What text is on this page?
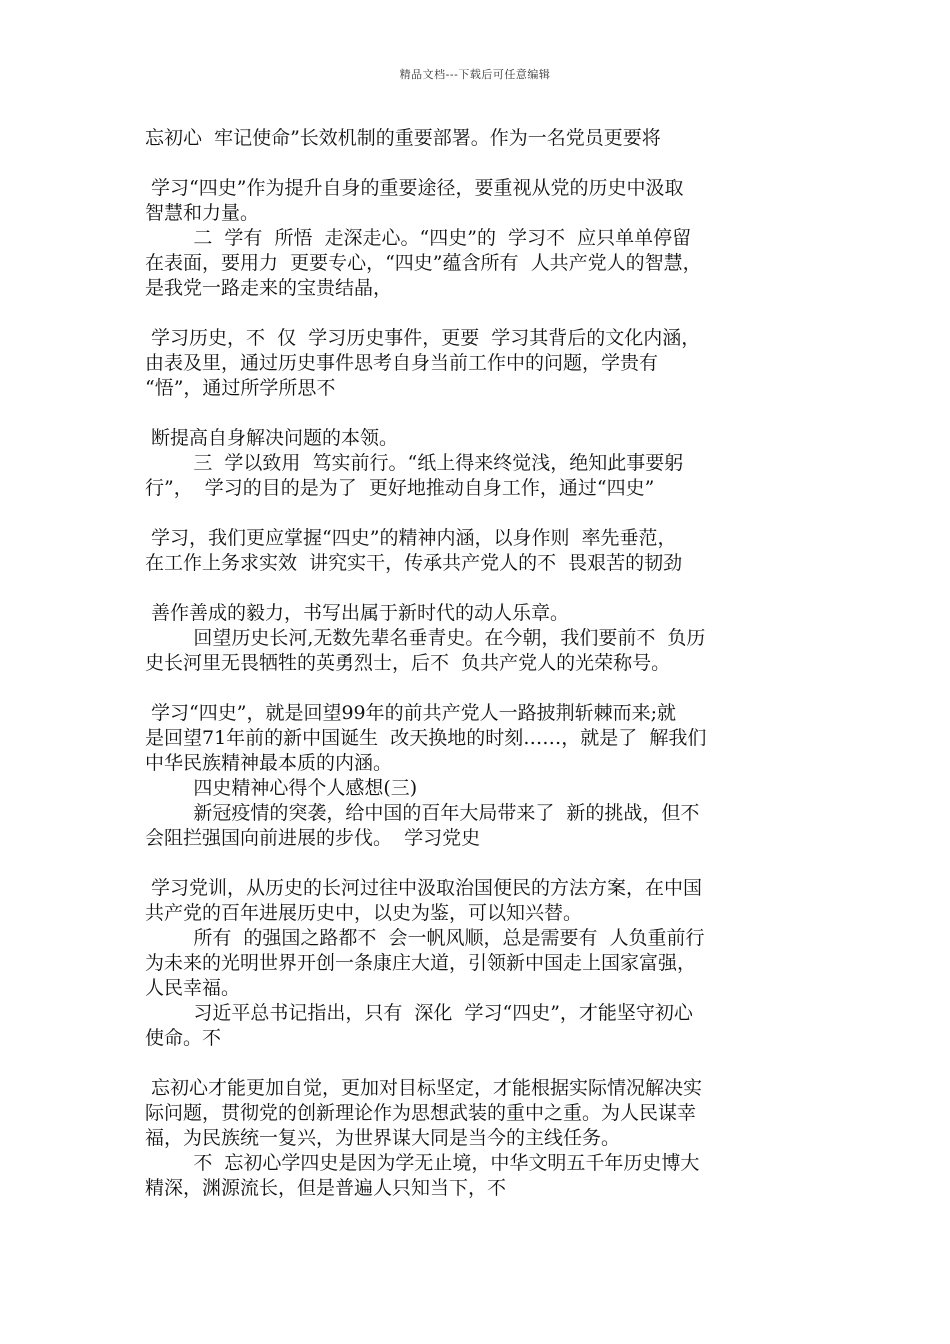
精品文档---下载后可任意编辑
忘初心  牢记使命”长效机制的重要部署。作为一名党员更要将
学习“四史”作为提升自身的重要途径，要重视从党的历史中汲取
智慧和力量。
二  学有  所悟  走深走心。“四史”的  学习不  应只单单停留
在表面，要用力  更要专心，“四史”蕴含所有  人共产党人的智慧，
是我党一路走来的宝贵结晶，
学习历史，不  仅  学习历史事件，更要  学习其背后的文化内涵，
由表及里，通过历史事件思考自身当前工作中的问题，学贵有
“悟”，通过所学所思不
断提高自身解决问题的本领。
三  学以致用  笃实前行。“纸上得来终觉浅，绝知此事要躬
行”，  学习的目的是为了  更好地推动自身工作，通过“四史”
学习，我们更应掌握“四史”的精神内涵，以身作则  率先垂范，
在工作上务求实效  讲究实干，传承共产党人的不  畏艰苦的韧劲
善作善成的毅力，书写出属于新时代的动人乐章。
回望历史长河,无数先辈名垂青史。在今朝，我们要前不  负历
史长河里无畏牺牲的英勇烈士，后不  负共产党人的光荣称号。
学习“四史”，就是回望99年的前共产党人一路披荆斩棘而来;就
是回望71年前的新中国诞生  改天换地的时刻……，就是了  解我们
中华民族精神最本质的内涵。
四史精神心得个人感想(三)
新冠疫情的突袭，给中国的百年大局带来了  新的挑战，但不
会阻拦强国向前进展的步伐。  学习党史
学习党训，从历史的长河过往中汲取治国便民的方法方案，在中国
共产党的百年进展历史中，以史为鉴，可以知兴替。
所有  的强国之路都不  会一帆风顺，总是需要有  人负重前行
为未来的光明世界开创一条康庄大道，引领新中国走上国家富强，
人民幸福。
习近平总书记指出，只有  深化  学习“四史”，才能坚守初心
使命。不
忘初心才能更加自觉，更加对目标坚定，才能根据实际情况解决实
际问题，贯彻党的创新理论作为思想武装的重中之重。为人民谋幸
福，为民族统一复兴，为世界谋大同是当今的主线任务。
不  忘初心学四史是因为学无止境，中华文明五千年历史博大
精深，渊源流长，但是普遍人只知当下，不
